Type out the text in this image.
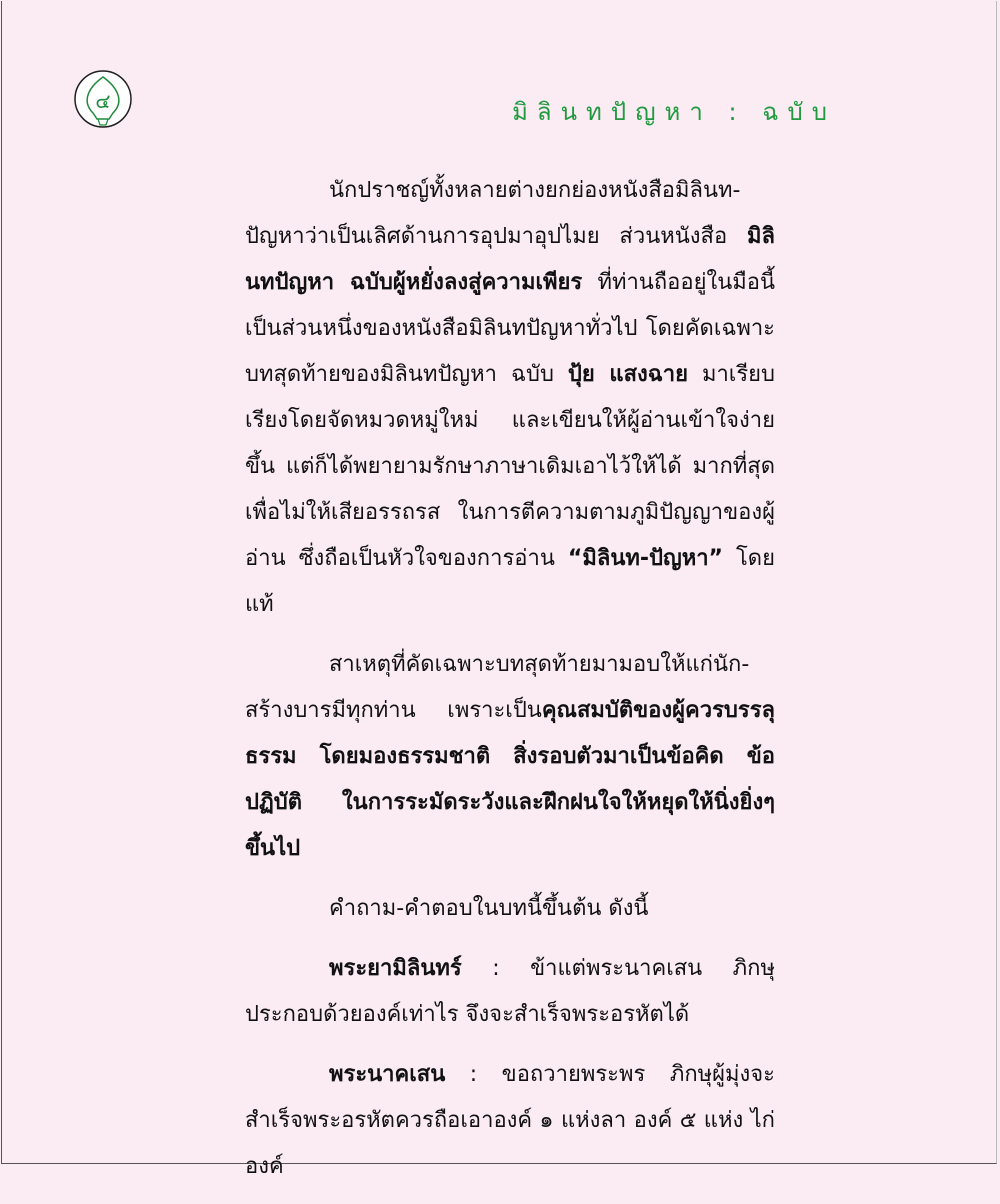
๔	มิลินทปัญหา : ฉบับ

นักปราชญ์ทั้งหลายต่างยกย่องหนังสือมิลินท-ปัญหาว่าเป็นเลิศด้านการอุปมาอุปไมย ส่วนหนังสือ มิลินทปัญหา ฉบับผู้หยั่งลงสู่ความเพียร ที่ท่านถืออยู่ในมือนี้เป็นส่วนหนึ่งของหนังสือมิลินทปัญหาทั่วไป โดยคัดเฉพาะบทสุดท้ายของมิลินทปัญหา ฉบับ ปุ้ย แสงฉาย มาเรียบเรียงโดยจัดหมวดหมู่ใหม่ และเขียนให้ผู้อ่านเข้าใจง่ายขึ้น แต่ก็ได้พยายามรักษาภาษาเดิมเอาไว้ให้ได้ มากที่สุด เพื่อไม่ให้เสียอรรถรส ในการตีความตามภูมิปัญญาของผู้อ่าน ซึ่งถือเป็นหัวใจของการอ่าน “มิลินท-ปัญหา” โดยแท้

สาเหตุที่คัดเฉพาะบทสุดท้ายมามอบให้แก่นัก-สร้างบารมีทุกท่าน เพราะเป็นคุณสมบัติของผู้ควรบรรลุธรรม โดยมองธรรมชาติ สิ่งรอบตัวมาเป็นข้อคิด ข้อปฏิบัติ ในการระมัดระวังและฝึกฝนใจให้หยุดให้นิ่งยิ่งๆ ขึ้นไป

คำถาม-คำตอบในบทนี้ขึ้นต้น ดังนี้

พระยามิลินทร์ : ข้าแต่พระนาคเสน ภิกษุประกอบด้วยองค์เท่าไร จึงจะสำเร็จพระอรหัตได้

พระนาคเสน : ขอถวายพระพร ภิกษุผู้มุ่งจะสำเร็จพระอรหัตควรถือเอาองค์ ๑ แห่งลา องค์ ๕ แห่ง ไก่ องค์
